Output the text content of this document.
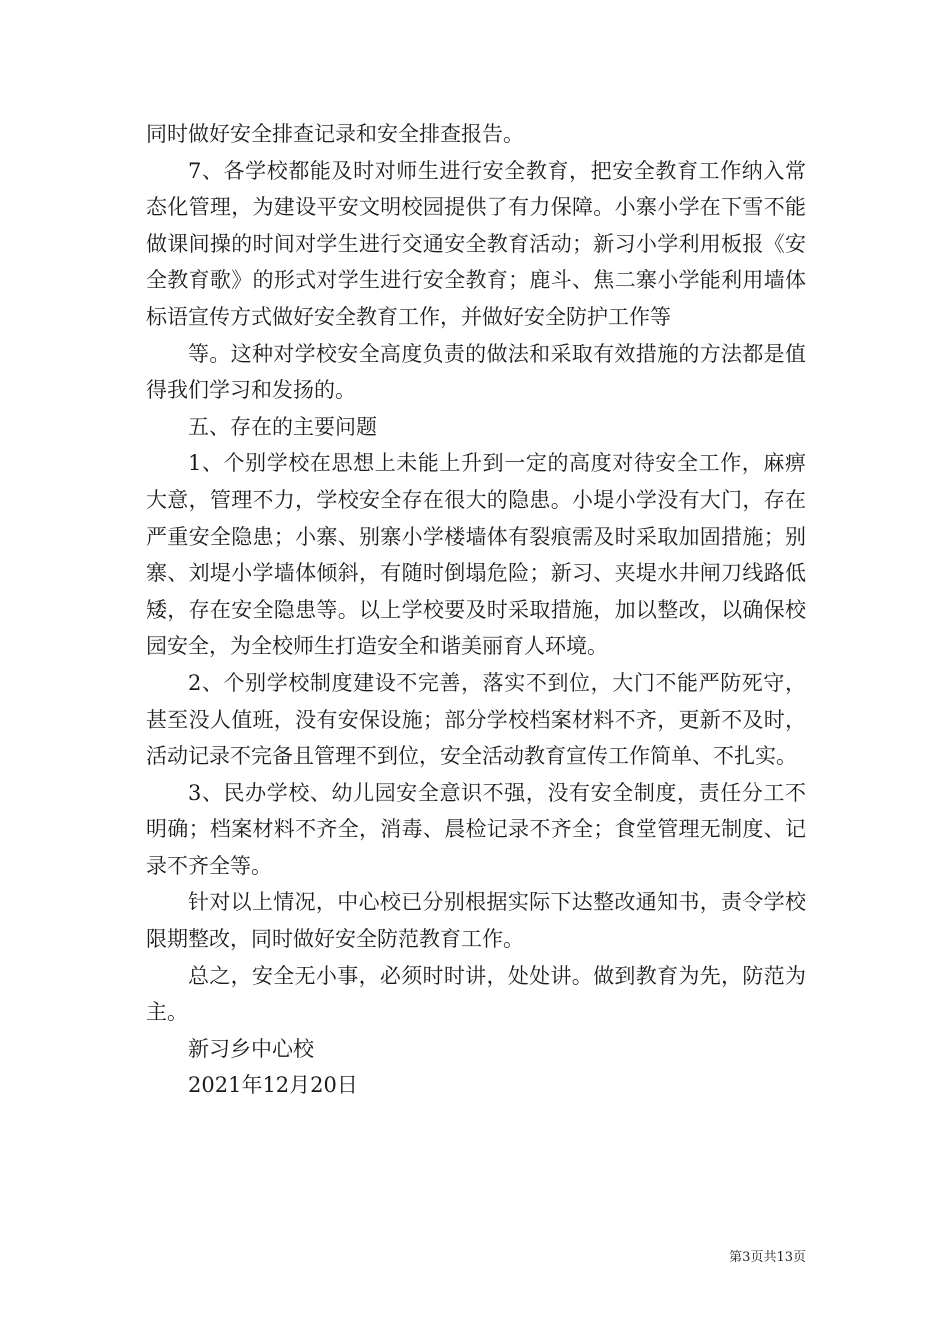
同时做好安全排查记录和安全排查报告。

7、各学校都能及时对师生进行安全教育，把安全教育工作纳入常态化管理，为建设平安文明校园提供了有力保障。小寨小学在下雪不能做课间操的时间对学生进行交通安全教育活动；新习小学利用板报《安全教育歌》的形式对学生进行安全教育；鹿斗、焦二寨小学能利用墙体标语宣传方式做好安全教育工作，并做好安全防护工作等

等。这种对学校安全高度负责的做法和采取有效措施的方法都是值得我们学习和发扬的。

五、存在的主要问题

1、个别学校在思想上未能上升到一定的高度对待安全工作，麻痹大意，管理不力，学校安全存在很大的隐患。小堤小学没有大门，存在严重安全隐患；小寨、别寨小学楼墙体有裂痕需及时采取加固措施；别寨、刘堤小学墙体倾斜，有随时倒塌危险；新习、夹堤水井闸刀线路低矮，存在安全隐患等。以上学校要及时采取措施，加以整改，以确保校园安全，为全校师生打造安全和谐美丽育人环境。

2、个别学校制度建设不完善，落实不到位，大门不能严防死守，甚至没人值班，没有安保设施；部分学校档案材料不齐，更新不及时，活动记录不完备且管理不到位，安全活动教育宣传工作简单、不扎实。

3、民办学校、幼儿园安全意识不强，没有安全制度，责任分工不明确；档案材料不齐全，消毒、晨检记录不齐全；食堂管理无制度、记录不齐全等。

针对以上情况，中心校已分别根据实际下达整改通知书，责令学校限期整改，同时做好安全防范教育工作。

总之，安全无小事，必须时时讲，处处讲。做到教育为先，防范为主。

新习乡中心校

2021年12月20日

第3页共13页
